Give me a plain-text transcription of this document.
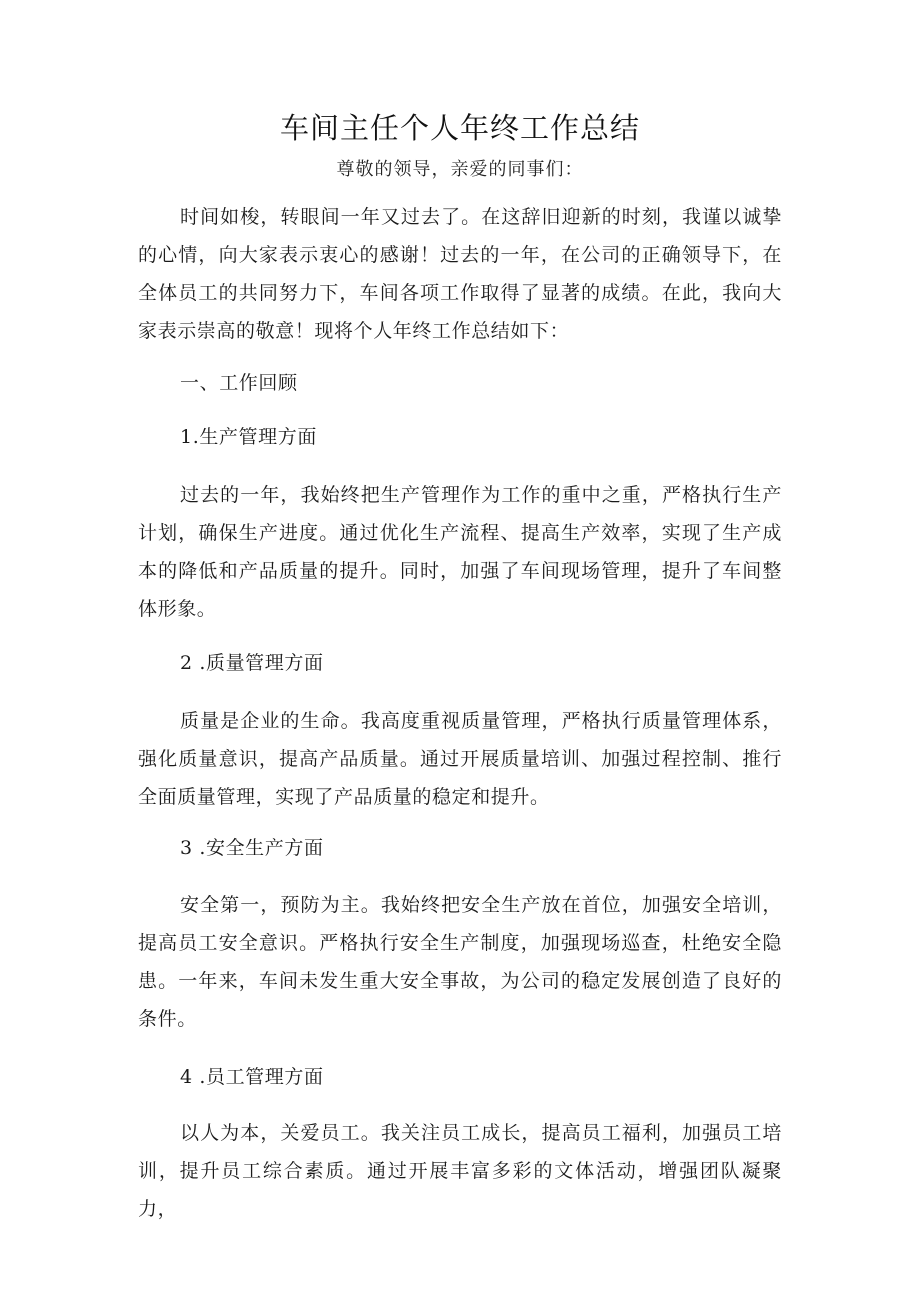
车间主任个人年终工作总结
尊敬的领导，亲爱的同事们：

时间如梭，转眼间一年又过去了。在这辞旧迎新的时刻，我谨以诚挚的心情，向大家表示衷心的感谢！过去的一年，在公司的正确领导下，在全体员工的共同努力下，车间各项工作取得了显著的成绩。在此，我向大家表示崇高的敬意！现将个人年终工作总结如下：

一、工作回顾

1.生产管理方面

过去的一年，我始终把生产管理作为工作的重中之重，严格执行生产计划，确保生产进度。通过优化生产流程、提高生产效率，实现了生产成本的降低和产品质量的提升。同时，加强了车间现场管理，提升了车间整体形象。

2 .质量管理方面

质量是企业的生命。我高度重视质量管理，严格执行质量管理体系，强化质量意识，提高产品质量。通过开展质量培训、加强过程控制、推行全面质量管理，实现了产品质量的稳定和提升。

3 .安全生产方面

安全第一，预防为主。我始终把安全生产放在首位，加强安全培训，提高员工安全意识。严格执行安全生产制度，加强现场巡查，杜绝安全隐患。一年来，车间未发生重大安全事故，为公司的稳定发展创造了良好的条件。

4 .员工管理方面

以人为本，关爱员工。我关注员工成长，提高员工福利，加强员工培训，提升员工综合素质。通过开展丰富多彩的文体活动，增强团队凝聚力，
